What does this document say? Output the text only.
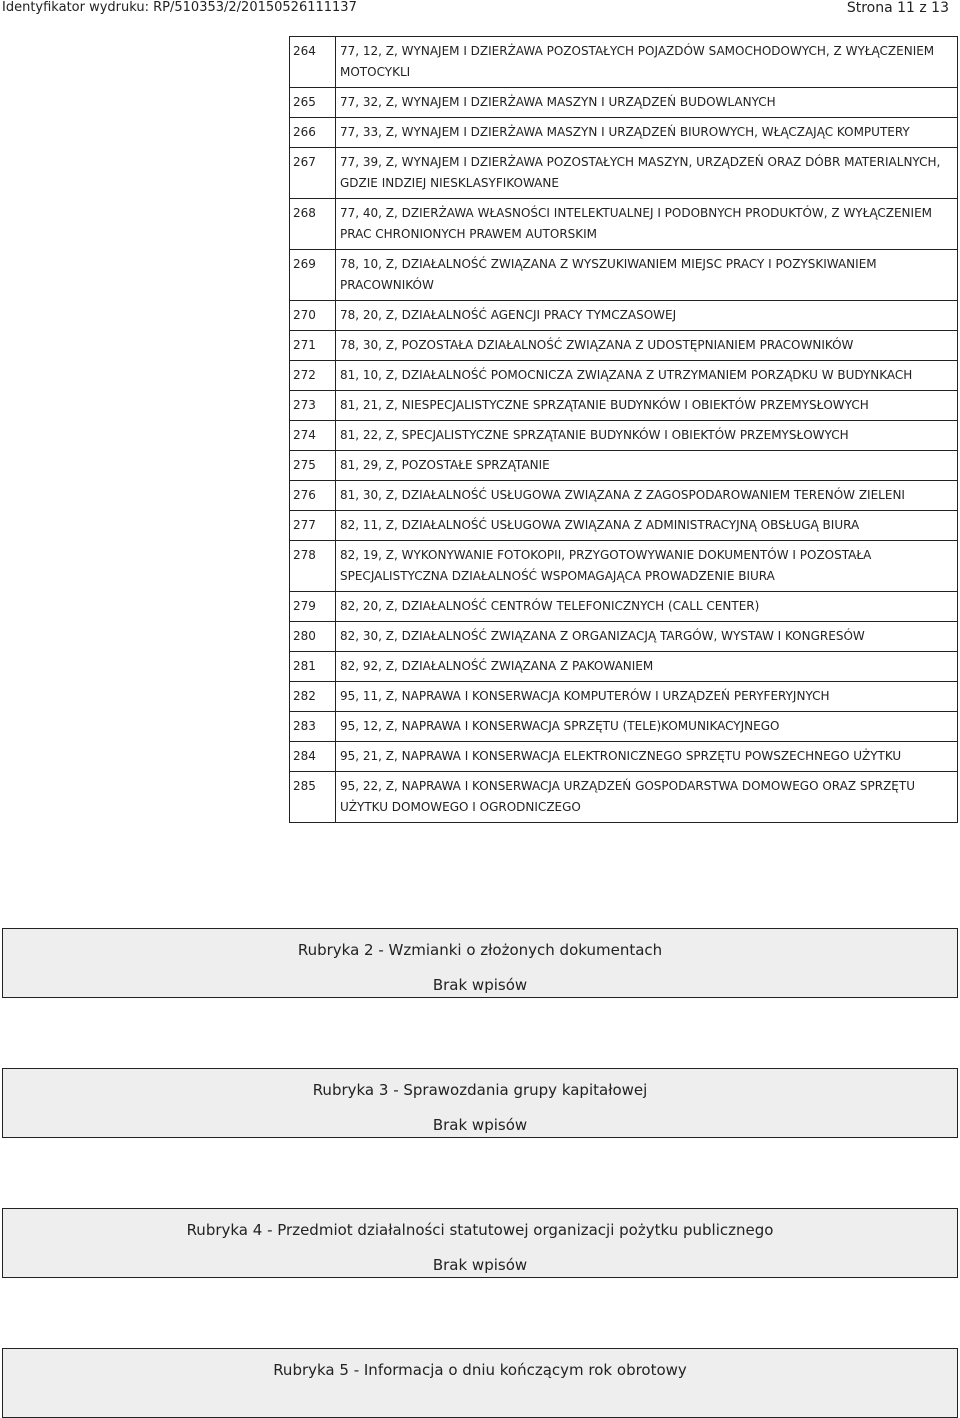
Identyfikator wydruku: RP/510353/2/20150526111137	Strona 11 z 13
264	77, 12, Z, WYNAJEM I DZIERŻAWA POZOSTAŁYCH POJAZDÓW SAMOCHODOWYCH, Z WYŁĄCZENIEM MOTOCYKLI
265	77, 32, Z, WYNAJEM I DZIERŻAWA MASZYN I URZĄDZEŃ BUDOWLANYCH
266	77, 33, Z, WYNAJEM I DZIERŻAWA MASZYN I URZĄDZEŃ BIUROWYCH, WŁĄCZAJĄC KOMPUTERY
267	77, 39, Z, WYNAJEM I DZIERŻAWA POZOSTAŁYCH MASZYN, URZĄDZEŃ ORAZ DÓBR MATERIALNYCH, GDZIE INDZIEJ NIESKLASYFIKOWANE
268	77, 40, Z, DZIERŻAWA WŁASNOŚCI INTELEKTUALNEJ I PODOBNYCH PRODUKTÓW, Z WYŁĄCZENIEM PRAC CHRONIONYCH PRAWEM AUTORSKIM
269	78, 10, Z, DZIAŁALNOŚĆ ZWIĄZANA Z WYSZUKIWANIEM MIEJSC PRACY I POZYSKIWANIEM PRACOWNIKÓW
270	78, 20, Z, DZIAŁALNOŚĆ AGENCJI PRACY TYMCZASOWEJ
271	78, 30, Z, POZOSTAŁA DZIAŁALNOŚĆ ZWIĄZANA Z UDOSTĘPNIANIEM PRACOWNIKÓW
272	81, 10, Z, DZIAŁALNOŚĆ POMOCNICZA ZWIĄZANA Z UTRZYMANIEM PORZĄDKU W BUDYNKACH
273	81, 21, Z, NIESPECJALISTYCZNE SPRZĄTANIE BUDYNKÓW I OBIEKTÓW PRZEMYSŁOWYCH
274	81, 22, Z, SPECJALISTYCZNE SPRZĄTANIE BUDYNKÓW I OBIEKTÓW PRZEMYSŁOWYCH
275	81, 29, Z, POZOSTAŁE SPRZĄTANIE
276	81, 30, Z, DZIAŁALNOŚĆ USŁUGOWA ZWIĄZANA Z ZAGOSPODAROWANIEM TERENÓW ZIELENI
277	82, 11, Z, DZIAŁALNOŚĆ USŁUGOWA ZWIĄZANA Z ADMINISTRACYJNĄ OBSŁUGĄ BIURA
278	82, 19, Z, WYKONYWANIE FOTOKOPII, PRZYGOTOWYWANIE DOKUMENTÓW I POZOSTAŁA SPECJALISTYCZNA DZIAŁALNOŚĆ WSPOMAGAJĄCA PROWADZENIE BIURA
279	82, 20, Z, DZIAŁALNOŚĆ CENTRÓW TELEFONICZNYCH (CALL CENTER)
280	82, 30, Z, DZIAŁALNOŚĆ ZWIĄZANA Z ORGANIZACJĄ TARGÓW, WYSTAW I KONGRESÓW
281	82, 92, Z, DZIAŁALNOŚĆ ZWIĄZANA Z PAKOWANIEM
282	95, 11, Z, NAPRAWA I KONSERWACJA KOMPUTERÓW I URZĄDZEŃ PERYFERYJNYCH
283	95, 12, Z, NAPRAWA I KONSERWACJA SPRZĘTU (TELE)KOMUNIKACYJNEGO
284	95, 21, Z, NAPRAWA I KONSERWACJA ELEKTRONICZNEGO SPRZĘTU POWSZECHNEGO UŻYTKU
285	95, 22, Z, NAPRAWA I KONSERWACJA URZĄDZEŃ GOSPODARSTWA DOMOWEGO ORAZ SPRZĘTU UŻYTKU DOMOWEGO I OGRODNICZEGO
Rubryka 2 - Wzmianki o złożonych dokumentach
Brak wpisów
Rubryka 3 - Sprawozdania grupy kapitałowej
Brak wpisów
Rubryka 4 - Przedmiot działalności statutowej organizacji pożytku publicznego
Brak wpisów
Rubryka 5 - Informacja o dniu kończącym rok obrotowy
